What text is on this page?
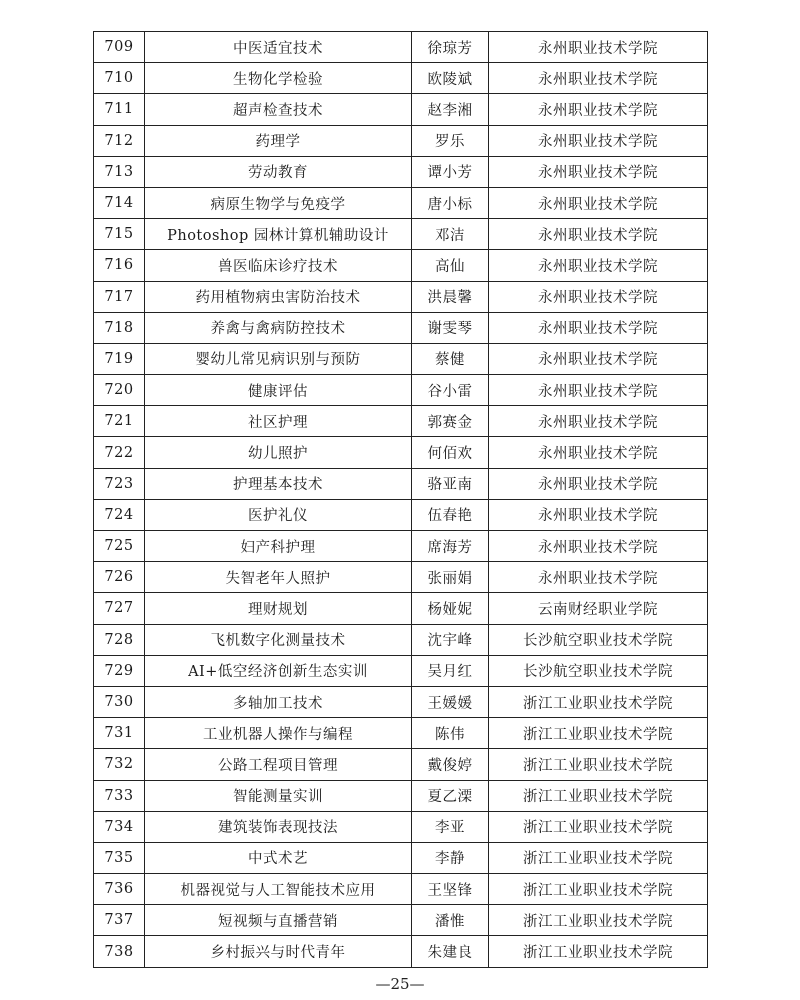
709	中医适宜技术	徐琼芳	永州职业技术学院
710	生物化学检验	欧陵斌	永州职业技术学院
711	超声检查技术	赵李湘	永州职业技术学院
712	药理学	罗乐	永州职业技术学院
713	劳动教育	谭小芳	永州职业技术学院
714	病原生物学与免疫学	唐小标	永州职业技术学院
715	Photoshop 园林计算机辅助设计	邓洁	永州职业技术学院
716	兽医临床诊疗技术	高仙	永州职业技术学院
717	药用植物病虫害防治技术	洪晨馨	永州职业技术学院
718	养禽与禽病防控技术	谢雯琴	永州职业技术学院
719	婴幼儿常见病识别与预防	蔡健	永州职业技术学院
720	健康评估	谷小雷	永州职业技术学院
721	社区护理	郭赛金	永州职业技术学院
722	幼儿照护	何佰欢	永州职业技术学院
723	护理基本技术	骆亚南	永州职业技术学院
724	医护礼仪	伍春艳	永州职业技术学院
725	妇产科护理	席海芳	永州职业技术学院
726	失智老年人照护	张丽娟	永州职业技术学院
727	理财规划	杨娅妮	云南财经职业学院
728	飞机数字化测量技术	沈宇峰	长沙航空职业技术学院
729	AI+低空经济创新生态实训	吴月红	长沙航空职业技术学院
730	多轴加工技术	王媛媛	浙江工业职业技术学院
731	工业机器人操作与编程	陈伟	浙江工业职业技术学院
732	公路工程项目管理	戴俊婷	浙江工业职业技术学院
733	智能测量实训	夏乙溧	浙江工业职业技术学院
734	建筑装饰表现技法	李亚	浙江工业职业技术学院
735	中式术艺	李静	浙江工业职业技术学院
736	机器视觉与人工智能技术应用	王坚锋	浙江工业职业技术学院
737	短视频与直播营销	潘惟	浙江工业职业技术学院
738	乡村振兴与时代青年	朱建良	浙江工业职业技术学院
—25—
